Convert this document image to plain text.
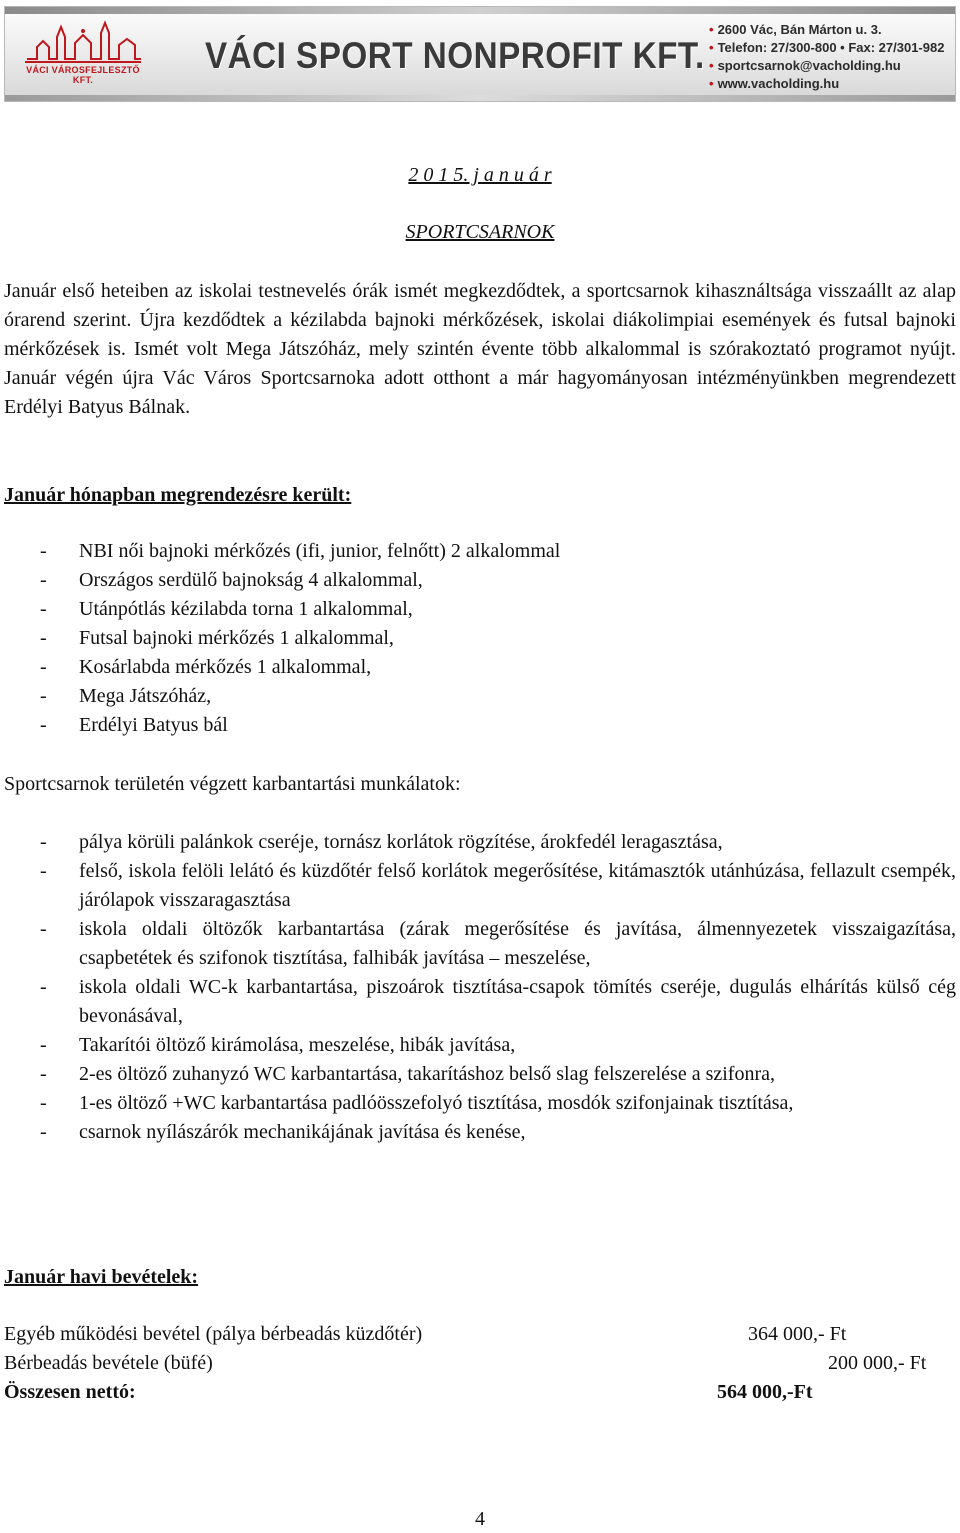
VÁCI VÁROSFEJLESZTŐ KFT.
VÁCI SPORT NONPROFIT KFT.
• 2600 Vác, Bán Márton u. 3.
• Telefon: 27/300-800 • Fax: 27/301-982
• sportcsarnok@vacholding.hu
• www.vacholding.hu
2 0 1 5. j a n u á r
SPORTCSARNOK
Január első heteiben az iskolai testnevelés órák ismét megkezdődtek, a sportcsarnok kihasználtsága visszaállt az alap órarend szerint. Újra kezdődtek a kézilabda bajnoki mérkőzések, iskolai diákolimpiai események és futsal bajnoki mérkőzések is. Ismét volt Mega Játszóház, mely szintén évente több alkalommal is szórakoztató programot nyújt. Január végén újra Vác Város Sportcsarnoka adott otthont a már hagyományosan intézményünkben megrendezett Erdélyi Batyus Bálnak.
Január hónapban megrendezésre került:
- NBI női bajnoki mérkőzés (ifi, junior, felnőtt) 2 alkalommal
- Országos serdülő bajnokság 4 alkalommal,
- Utánpótlás kézilabda torna 1 alkalommal,
- Futsal bajnoki mérkőzés 1 alkalommal,
- Kosárlabda mérkőzés 1 alkalommal,
- Mega Játszóház,
- Erdélyi Batyus bál
Sportcsarnok területén végzett karbantartási munkálatok:
- pálya körüli palánkok cseréje, tornász korlátok rögzítése, árokfedél leragasztása,
- felső, iskola felöli lelátó és küzdőtér felső korlátok megerősítése, kitámasztók utánhúzása, fellazult csempék, járólapok visszaragasztása
- iskola oldali öltözők karbantartása (zárak megerősítése és javítása, álmennyezetek visszaigazítása, csapbetétek és szifonok tisztítása, falhibák javítása – meszelése,
- iskola oldali WC-k karbantartása, piszoárok tisztítása-csapok tömítés cseréje, dugulás elhárítás külső cég bevonásával,
- Takarítói öltöző kirámolása, meszelése, hibák javítása,
- 2-es öltöző zuhanyzó WC karbantartása, takarításhoz belső slag felszerelése a szifonra,
- 1-es öltöző +WC karbantartása padlóösszefolyó tisztítása, mosdók szifonjainak tisztítása,
- csarnok nyílászárók mechanikájának javítása és kenése,
Január havi bevételek:
Egyéb működési bevétel (pálya bérbeadás küzdőtér)	364 000,- Ft
Bérbeadás bevétele (büfé)	200 000,- Ft
Összesen nettó:	564 000,-Ft
4
